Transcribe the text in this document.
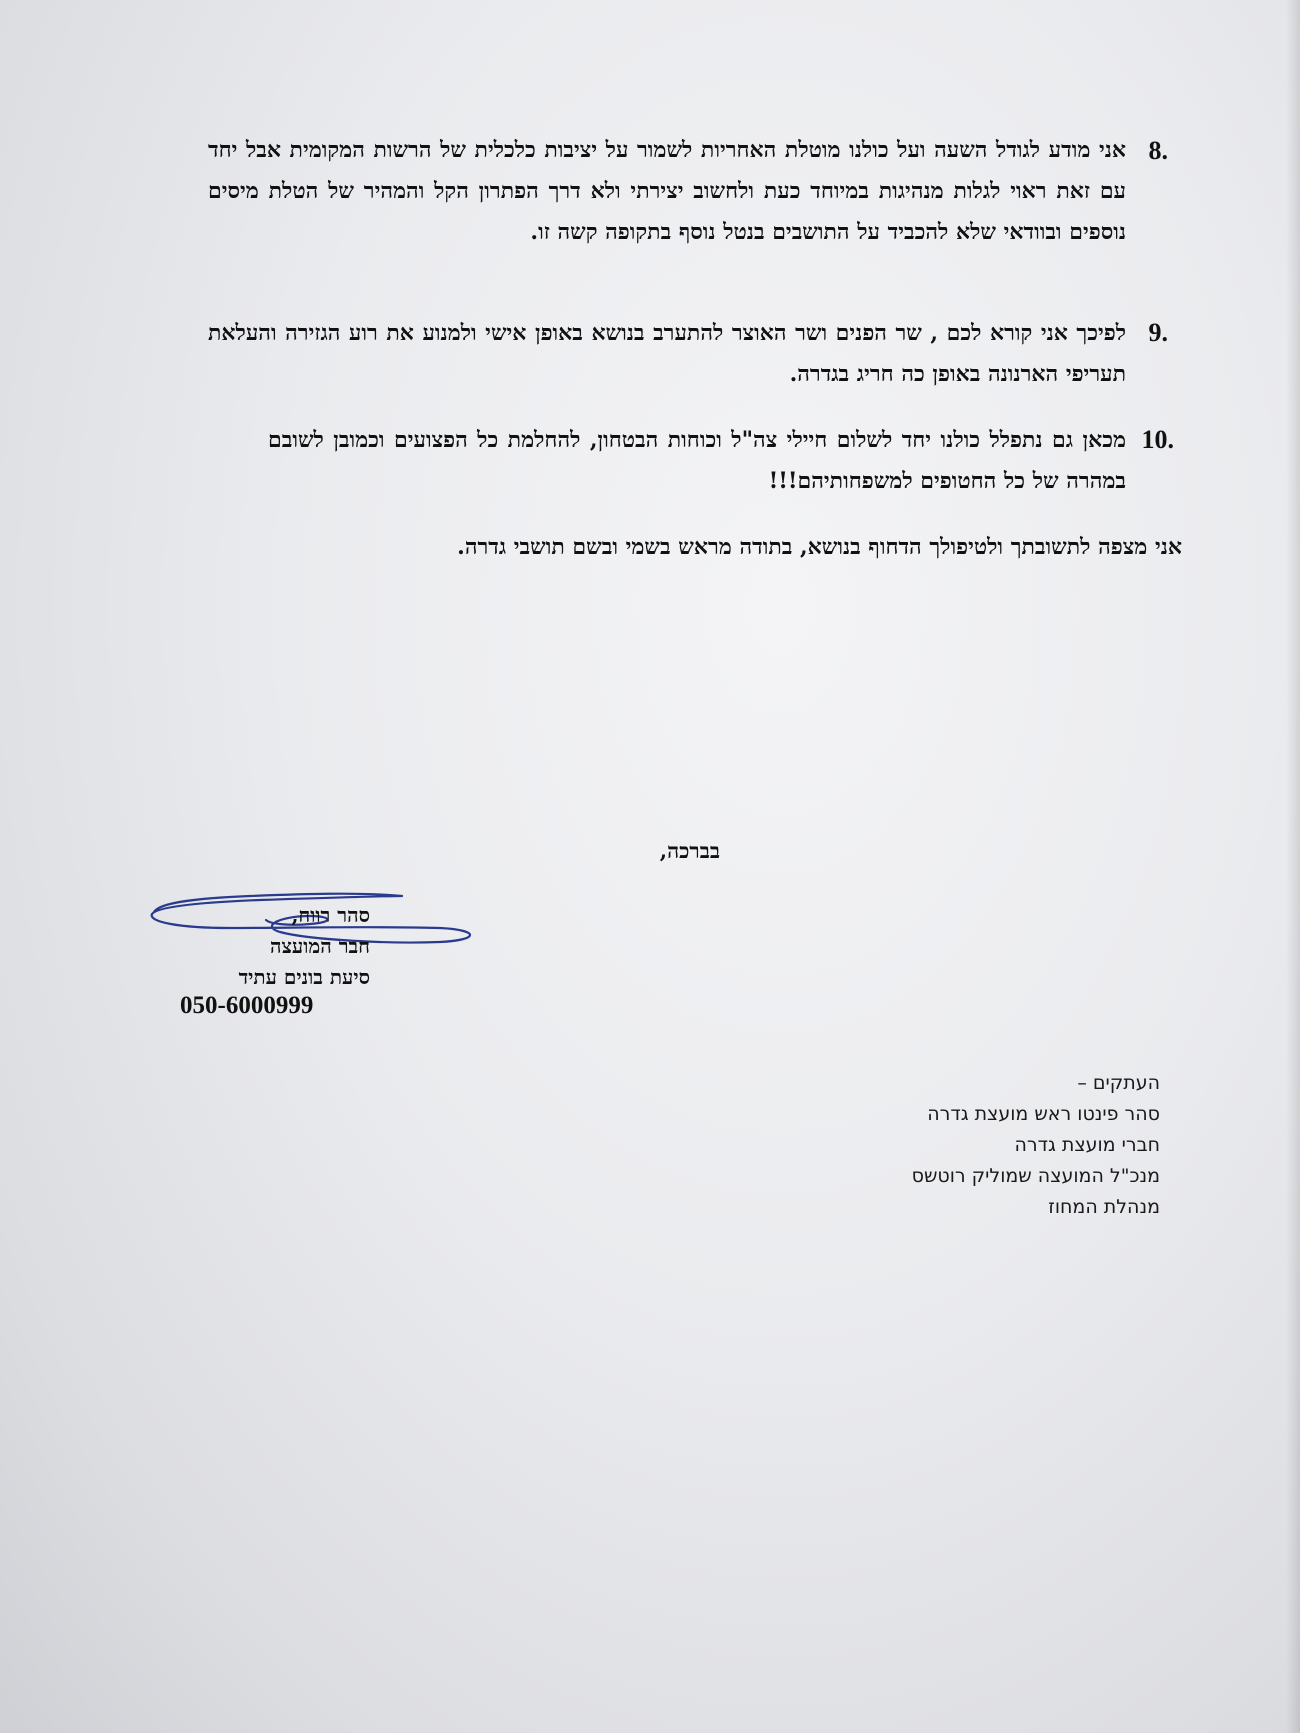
8.
אני מודע לגודל השעה ועל כולנו מוטלת האחריות לשמור על יציבות כלכלית של הרשות המקומית אבל יחד עם זאת ראוי לגלות מנהיגות במיוחד כעת ולחשוב יצירתי ולא דרך הפתרון הקל והמהיר של הטלת מיסים נוספים ובוודאי שלא להכביד על התושבים בנטל נוסף בתקופה קשה זו.
9.
לפיכך אני קורא לכם , שר הפנים ושר האוצר להתערב בנושא באופן אישי ולמנוע את רוע הגזירה והעלאת תעריפי הארנונה באופן כה חריג בגדרה.
10.
מכאן גם נתפלל כולנו יחד לשלום חיילי צה"ל וכוחות הבטחון, להחלמת כל הפצועים וכמובן לשובם במהרה של כל החטופים למשפחותיהם!!!
אני מצפה לתשובתך ולטיפולך הדחוף בנושא, בתודה מראש בשמי ובשם תושבי גדרה.
בברכה,
סהר רווח,
חבר המועצה
סיעת בונים עתיד
050-6000999
העתקים –
סהר פינטו ראש מועצת גדרה
חברי מועצת גדרה
מנכ"ל המועצה שמוליק רוטשס
מנהלת המחוז
